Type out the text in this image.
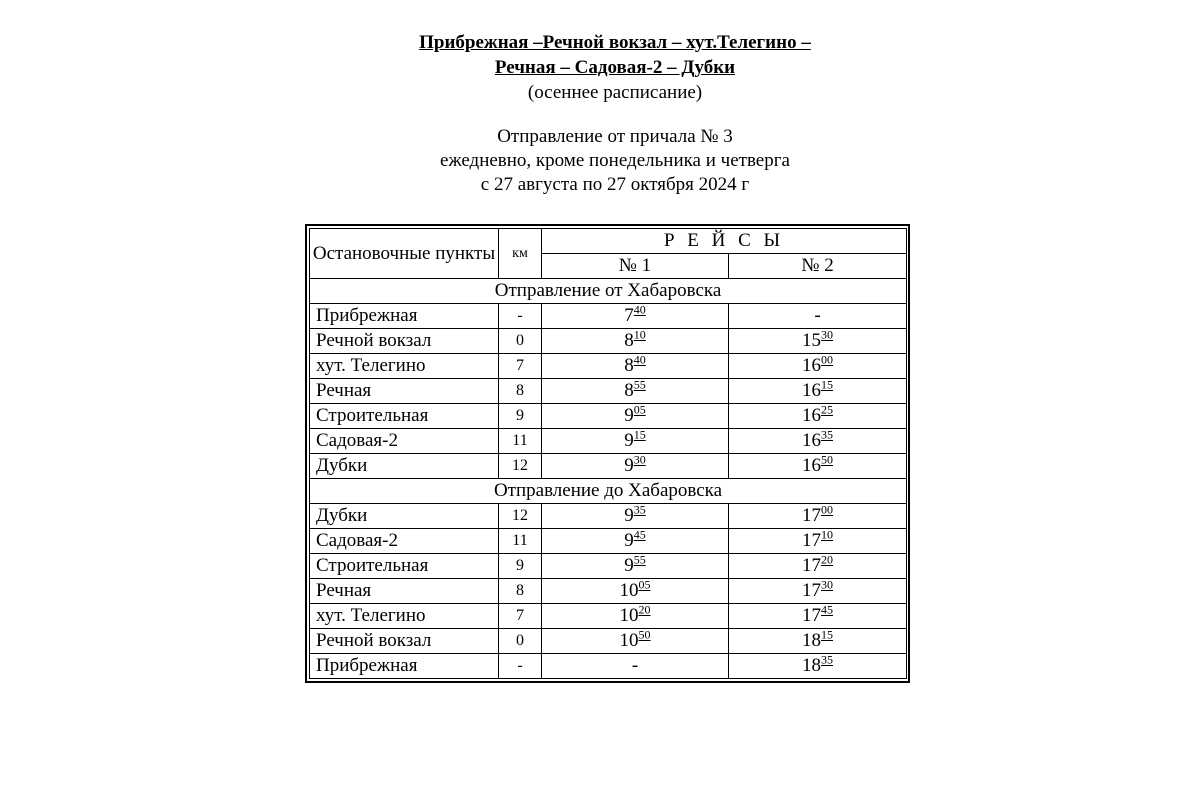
Прибрежная –Речной вокзал – хут.Телегино –
Речная – Садовая-2 – Дубки
(осеннее расписание)
Отправление от причала № 3
ежедневно, кроме понедельника и четверга
с 27 августа по 27 октября 2024 г
Остановочные пункты	км	Р Е Й С Ы	
		№ 1	№ 2
Отправление от Хабаровска			
Прибрежная	-	$7^{40}$	-
Речной вокзал	0	$8^{10}$	$15^{30}$
хут. Телегино	7	$8^{40}$	$16^{00}$
Речная	8	$8^{55}$	$16^{15}$
Строительная	9	$9^{05}$	$16^{25}$
Садовая-2	11	$9^{15}$	$16^{35}$
Дубки	12	$9^{30}$	$16^{50}$
Отправление до Хабаровска			
Дубки	12	$9^{35}$	$17^{00}$
Садовая-2	11	$9^{45}$	$17^{10}$
Строительная	9	$9^{55}$	$17^{20}$
Речная	8	$10^{05}$	$17^{30}$
хут. Телегино	7	$10^{20}$	$17^{45}$
Речной вокзал	0	$10^{50}$	$18^{15}$
Прибрежная	-	-	$18^{35}$
